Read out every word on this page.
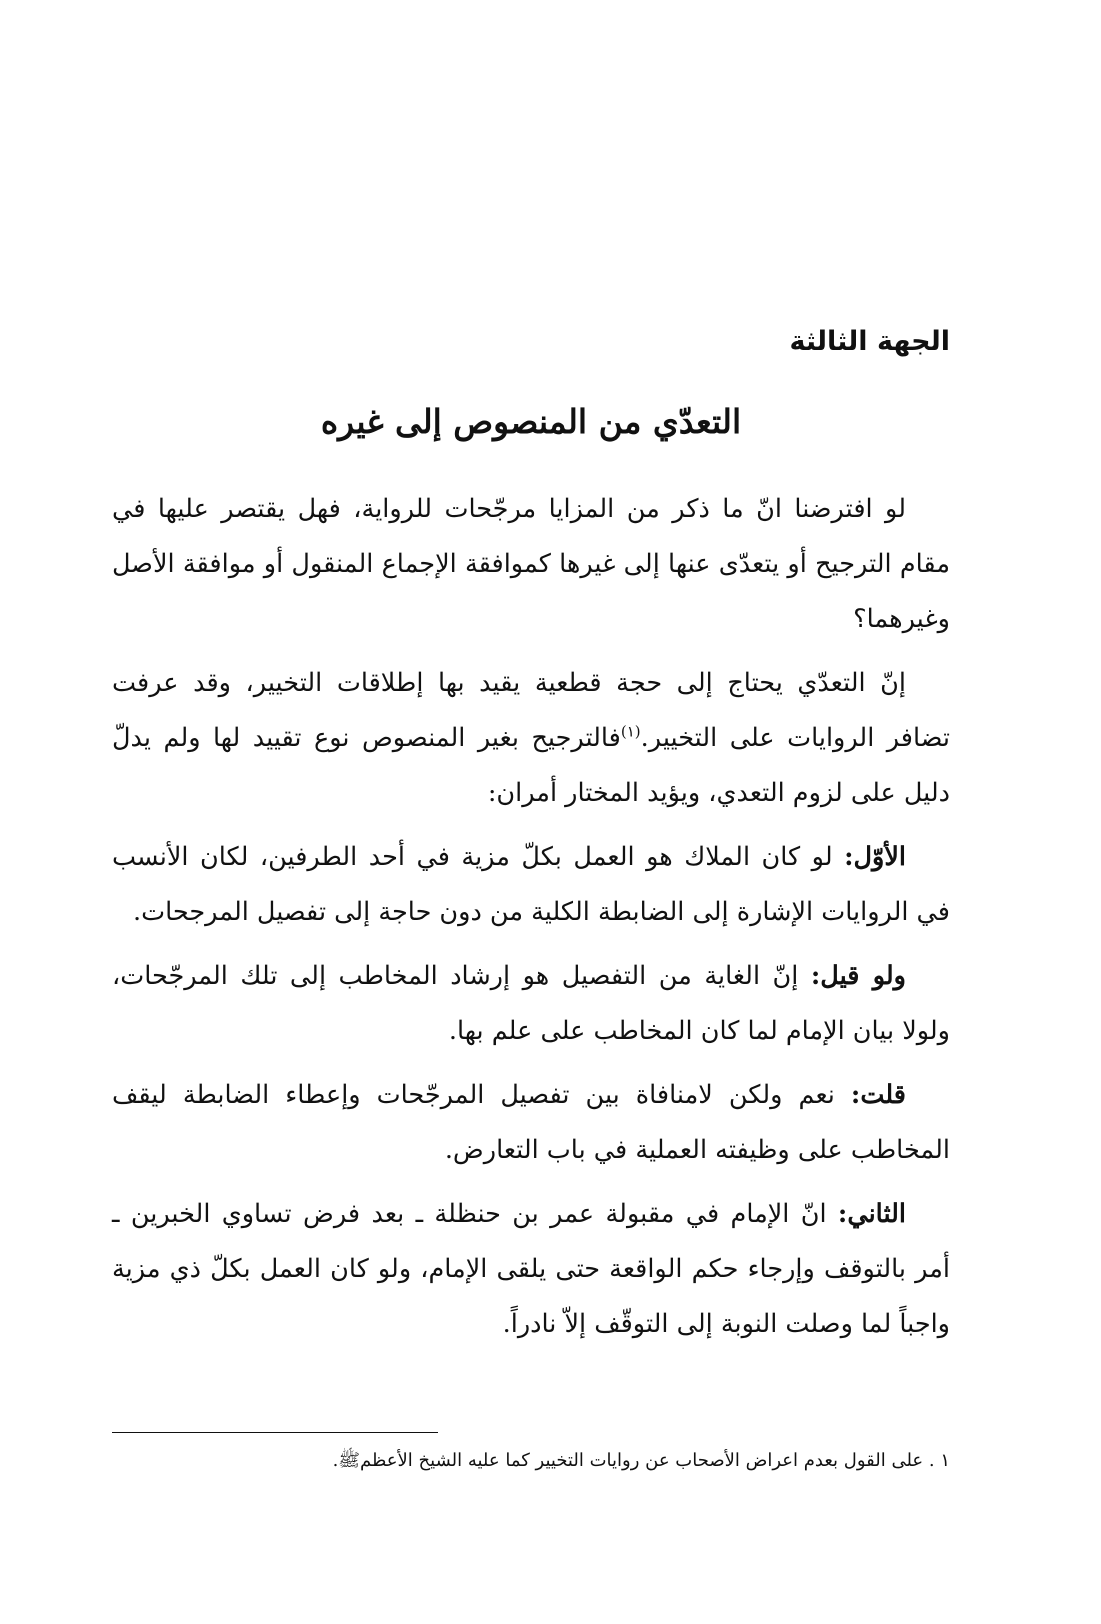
الجهة الثالثة
التعدّي من المنصوص إلى غيره

لو افترضنا انّ ما ذكر من المزايا مرجّحات للرواية، فهل يقتصر عليها في مقام الترجيح أو يتعدّى عنها إلى غيرها كموافقة الإجماع المنقول أو موافقة الأصل وغيرهما؟

إنّ التعدّي يحتاج إلى حجة قطعية يقيد بها إطلاقات التخيير، وقد عرفت تضافر الروايات على التخيير.$^{(١)}$فالترجيح بغير المنصوص نوع تقييد لها ولم يدلّ دليل على لزوم التعدي، ويؤيد المختار أمران:

الأوّل: لو كان الملاك هو العمل بكلّ مزية في أحد الطرفين، لكان الأنسب في الروايات الإشارة إلى الضابطة الكلية من دون حاجة إلى تفصيل المرجحات.

ولو قيل: إنّ الغاية من التفصيل هو إرشاد المخاطب إلى تلك المرجّحات، ولولا بيان الإمام لما كان المخاطب على علم بها.

قلت: نعم ولكن لامنافاة بين تفصيل المرجّحات وإعطاء الضابطة ليقف المخاطب على وظيفته العملية في باب التعارض.

الثاني: انّ الإمام في مقبولة عمر بن حنظلة ـ بعد فرض تساوي الخبرين ـ أمر بالتوقف وإرجاء حكم الواقعة حتى يلقى الإمام، ولو كان العمل بكلّ ذي مزية واجباً لما وصلت النوبة إلى التوقّف إلاّ نادراً.

١ . على القول بعدم اعراض الأصحاب عن روايات التخيير كما عليه الشيخ الأعظمﷺ.
